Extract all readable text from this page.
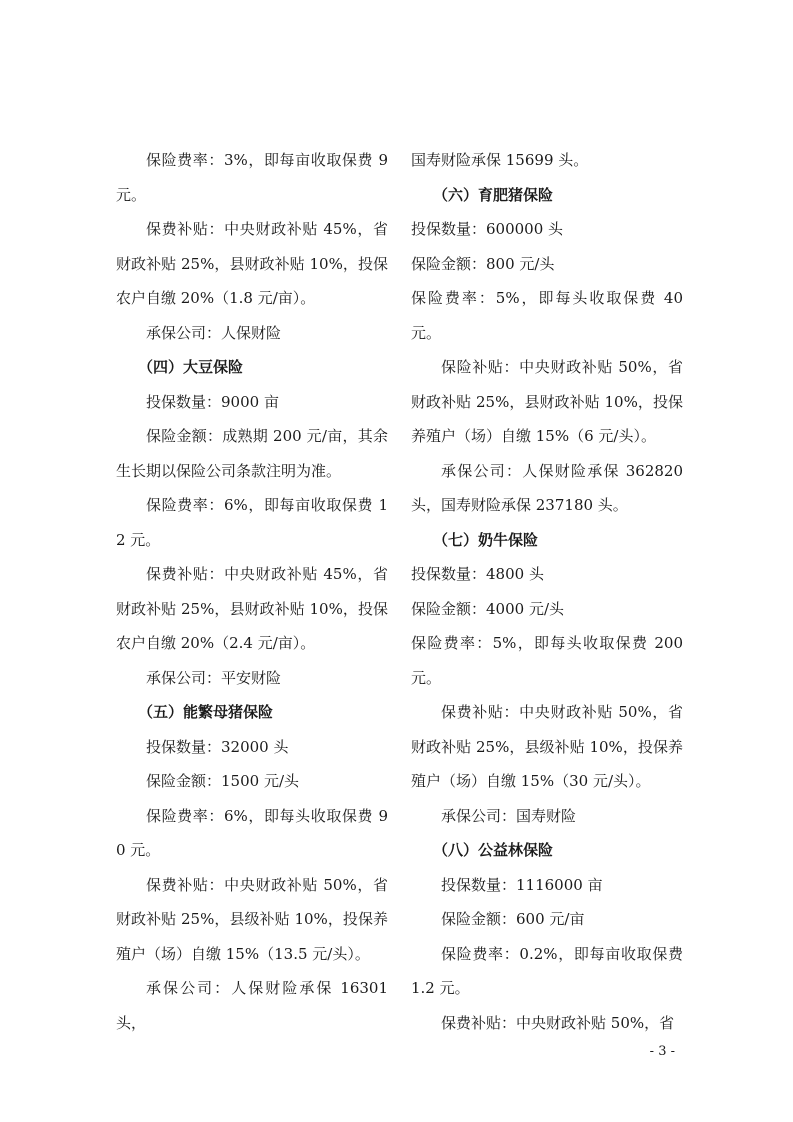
保险费率：3%，即每亩收取保费 9 元。

保费补贴：中央财政补贴 45%，省财政补贴 25%，县财政补贴 10%，投保农户自缴 20%（1.8 元/亩）。

承保公司：人保财险

（四）大豆保险

投保数量：9000 亩

保险金额：成熟期 200 元/亩，其余生长期以保险公司条款注明为准。

保险费率：6%，即每亩收取保费 12 元。

保费补贴：中央财政补贴 45%，省财政补贴 25%，县财政补贴 10%，投保农户自缴 20%（2.4 元/亩）。

承保公司：平安财险

（五）能繁母猪保险

投保数量：32000 头

保险金额：1500 元/头

保险费率：6%，即每头收取保费 90 元。

保费补贴：中央财政补贴 50%，省财政补贴 25%，县级补贴 10%，投保养殖户（场）自缴 15%（13.5 元/头）。

承保公司：人保财险承保 16301 头，

国寿财险承保 15699 头。

（六）育肥猪保险

投保数量：600000 头

保险金额：800 元/头

保险费率：5%，即每头收取保费 40 元。

保险补贴：中央财政补贴 50%，省财政补贴 25%，县财政补贴 10%，投保养殖户（场）自缴 15%（6 元/头）。

承保公司：人保财险承保 362820 头，国寿财险承保 237180 头。

（七）奶牛保险

投保数量：4800 头

保险金额：4000 元/头

保险费率：5%，即每头收取保费 200 元。

保费补贴：中央财政补贴 50%，省财政补贴 25%，县级补贴 10%，投保养殖户（场）自缴 15%（30 元/头）。

承保公司：国寿财险

（八）公益林保险

投保数量：1116000 亩

保险金额：600 元/亩

保险费率：0.2%，即每亩收取保费 1.2 元。

保费补贴：中央财政补贴 50%，省

- 3 -
